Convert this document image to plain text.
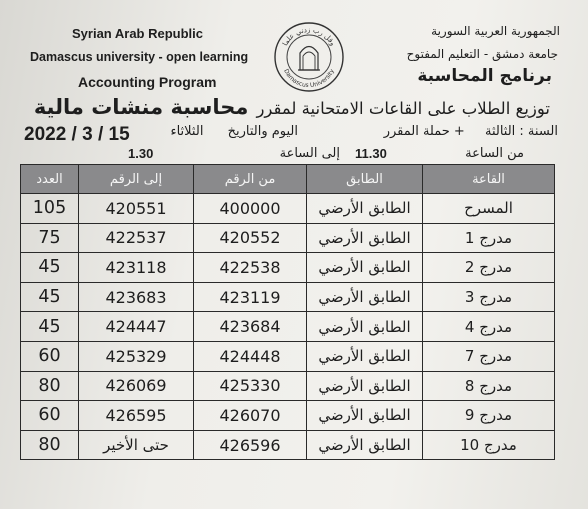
Syrian Arab Republic
Damascus university - open learning
Accounting Program
الجمهورية العربية السورية
جامعة دمشق - التعليم المفتوح
برنامج المحاسبة
وقل رب زدني علما
Damascus University
توزيع الطلاب على القاعات الامتحانية لمقررمحاسبة منشات مالية
السنة : الثالثة + حملة المقرر
اليوم والتاريخ الثلاثاء
2022 / 3 / 15
من الساعة
11.30
إلى الساعة
1.30
العدد	إلى الرقم	من الرقم	الطابق	القاعة
105	420551	400000	الطابق الأرضي	المسرح
75	422537	420552	الطابق الأرضي	مدرج 1
45	423118	422538	الطابق الأرضي	مدرج 2
45	423683	423119	الطابق الأرضي	مدرج 3
45	424447	423684	الطابق الأرضي	مدرج 4
60	425329	424448	الطابق الأرضي	مدرج 7
80	426069	425330	الطابق الأرضي	مدرج 8
60	426595	426070	الطابق الأرضي	مدرج 9
80	حتى الأخير	426596	الطابق الأرضي	مدرج 10
